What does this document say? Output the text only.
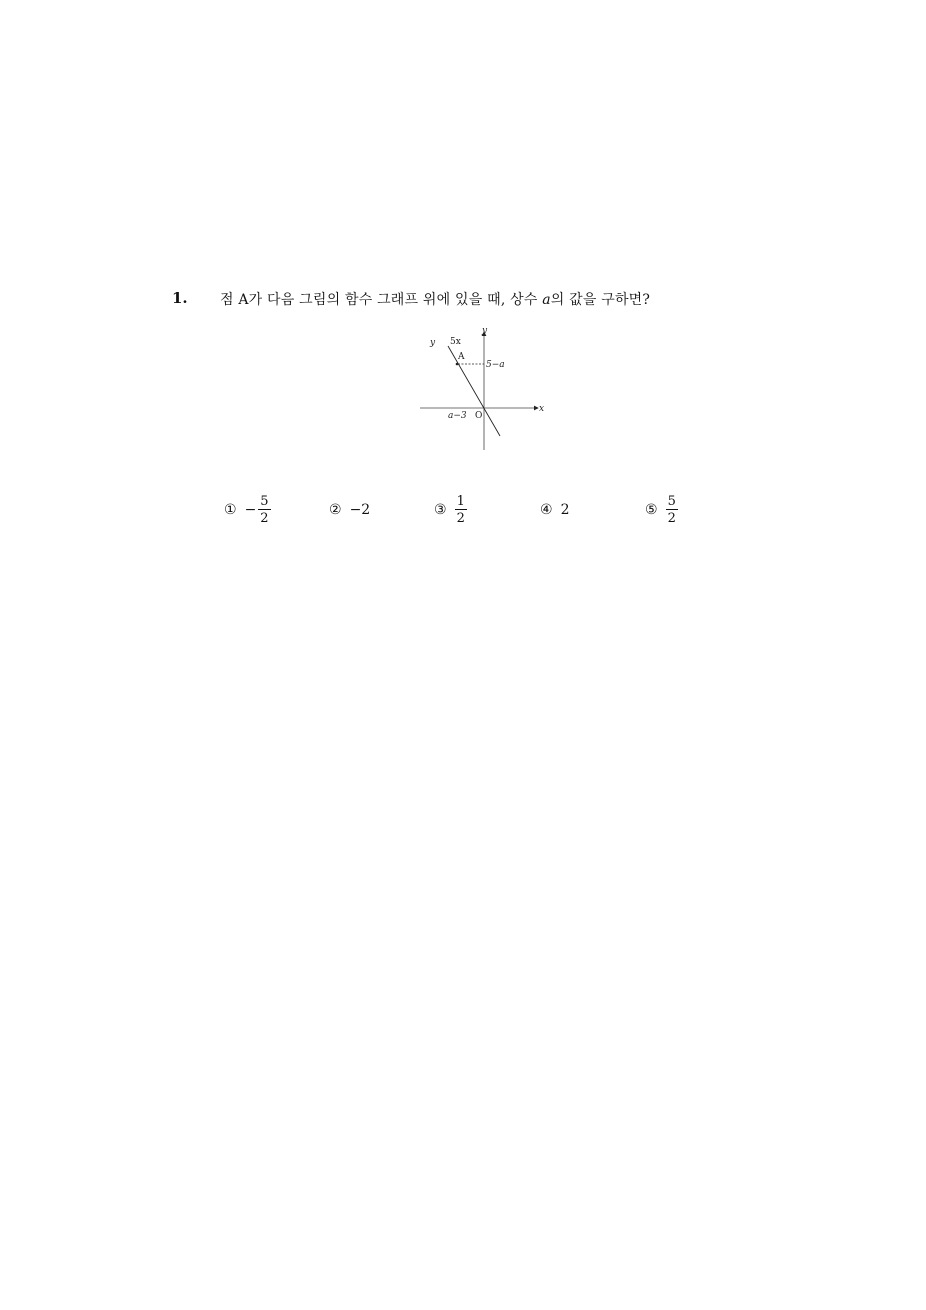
1. 점 A가 다음 그림의 함수 그래프 위에 있을 때, 상수 a의 값을 구하면?
y
x
y 5x
A
5−a
a−3 O
① − $\frac{5}{2}$	② −2	③ $\frac{1}{2}$	④ 2	⑤ $\frac{5}{2}$
